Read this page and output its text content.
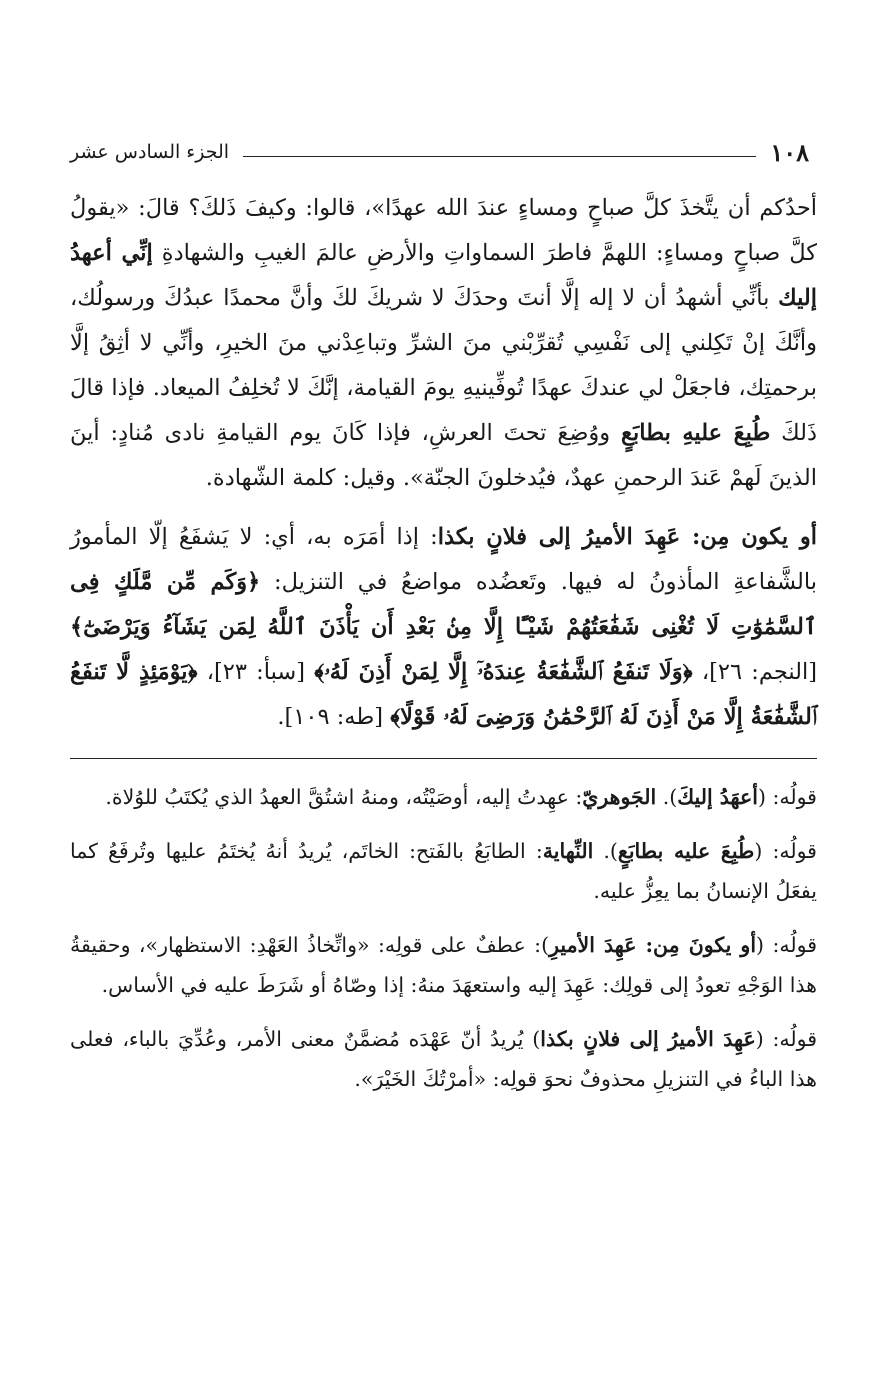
١٠٨
الجزء السادس عشر

أحدُكم أن يتَّخذَ كلَّ صباحٍ ومساءٍ عندَ الله عهدًا»، قالوا: وكيفَ ذَلكَ؟ قالَ: «يقولُ كلَّ صباحٍ ومساءٍ: اللهمَّ فاطرَ السماواتِ والأرضِ عالمَ الغيبِ والشهادةِ إنِّي أعهدُ إليك بأنِّي أشهدُ أن لا إله إلَّا أنتَ وحدَكَ لا شريكَ لكَ وأنَّ محمدًا عبدُكَ ورسولُك، وأنَّكَ إنْ تَكِلني إلى نَفْسِي تُقرِّبْني منَ الشرِّ وتباعِدْني منَ الخيرِ، وأنِّي لا أثِقُ إلَّا برحمتِك، فاجعَلْ لي عندكَ عهدًا تُوفِّينيهِ يومَ القيامة، إنَّكَ لا تُخلِفُ الميعاد. فإذا قالَ ذَلكَ طُبِعَ عليهِ بطابَعٍ ووُضِعَ تحتَ العرشِ، فإذا كَانَ يوم القيامةِ نادى مُنادٍ: أينَ الذينَ لَهمْ عَندَ الرحمنِ عهدٌ، فيُدخلونَ الجنّة». وقيل: كلمة الشّهادة.

أو يكون مِن: عَهِدَ الأميرُ إلى فلانٍ بكذا: إذا أمَرَه به، أي: لا يَشفَعُ إلّا المأمورُ بالشَّفاعةِ المأذونُ له فيها. وتَعضُده مواضعُ في التنزيل: ﴿وَكَم مِّن مَّلَكٍ فِى ٱلسَّمَٰوَٰتِ لَا تُغْنِى شَفَٰعَتُهُمْ شَيْـًٔا إِلَّا مِنۢ بَعْدِ أَن يَأْذَنَ ٱللَّهُ لِمَن يَشَآءُ وَيَرْضَىٰٓ﴾ [النجم: ٢٦]، ﴿وَلَا تَنفَعُ ٱلشَّفَٰعَةُ عِندَهُۥٓ إِلَّا لِمَنْ أَذِنَ لَهُۥ﴾ [سبأ: ٢٣]، ﴿يَوْمَئِذٍ لَّا تَنفَعُ ٱلشَّفَٰعَةُ إِلَّا مَنْ أَذِنَ لَهُ ٱلرَّحْمَٰنُ وَرَضِىَ لَهُۥ قَوْلًا﴾ [طه: ١٠٩].

قولُه: (أعهَدُ إليكَ). الجَوهريّ: عهِدتُ إليه، أوصَيْتُه، ومنهُ اشتُقَّ العهدُ الذي يُكتَبُ للوُلاة.

قولُه: (طُبِعَ عليه بطابَعٍ). النِّهاية: الطابَعُ بالفَتح: الخاتَم، يُريدُ أنهُ يُختَمُ عليها وتُرفَعُ كما يفعَلُ الإنسانُ بما يعِزُّ عليه.

قولُه: (أو يكونَ مِن: عَهِدَ الأميرِ): عطفٌ على قولِه: «واتِّخاذُ العَهْدِ: الاستظهار»، وحقيقةُ هذا الوَجْهِ تعودُ إلى قولِك: عَهِدَ إليه واستعهَدَ منهُ: إذا وصّاهُ أو شَرَطَ عليه في الأساس.

قولُه: (عَهِدَ الأميرُ إلى فلانٍ بكذا) يُريدُ أنّ عَهْدَه مُضمَّنٌ معنى الأمر، وعُدِّيَ بالباء، فعلى هذا الباءُ في التنزيلِ محذوفٌ نحوَ قولِه: «أمرْتُكَ الخَيْرَ».
